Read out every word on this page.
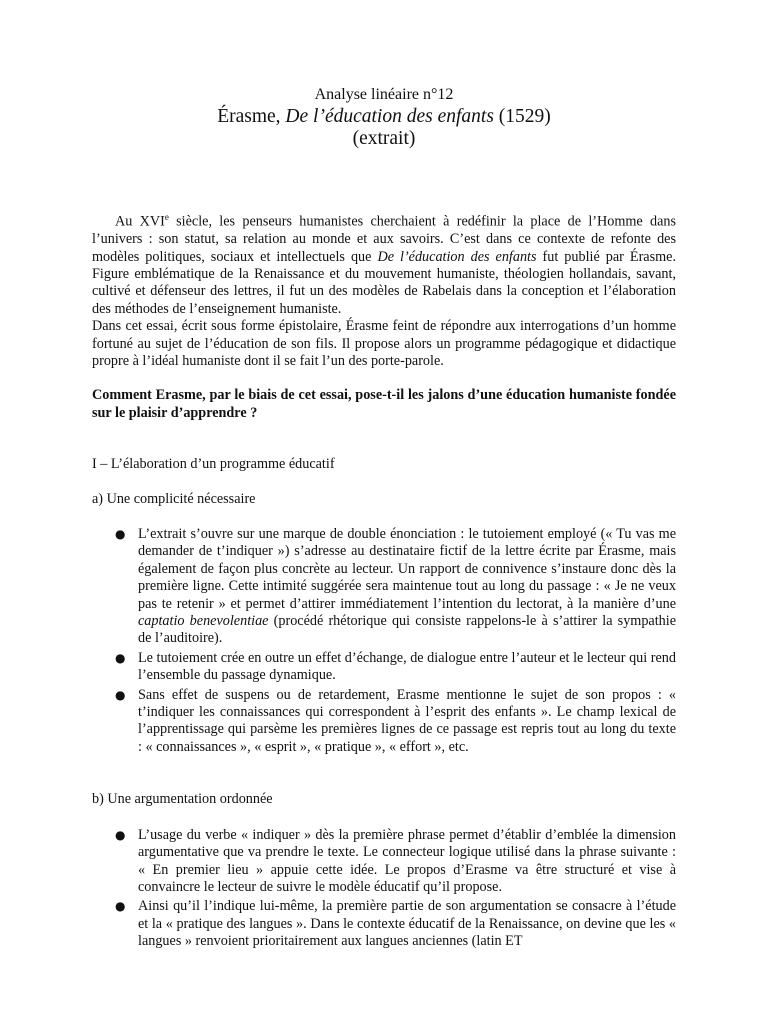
Analyse linéaire n°12

Érasme, De l’éducation des enfants (1529)

(extrait)

Au XVIe siècle, les penseurs humanistes cherchaient à redéfinir la place de l’Homme dans l’univers : son statut, sa relation au monde et aux savoirs. C’est dans ce contexte de refonte des modèles politiques, sociaux et intellectuels que De l’éducation des enfants fut publié par Érasme. Figure emblématique de la Renaissance et du mouvement humaniste, théologien hollandais, savant, cultivé et défenseur des lettres, il fut un des modèles de Rabelais dans la conception et l’élaboration des méthodes de l’enseignement humaniste.

Dans cet essai, écrit sous forme épistolaire, Érasme feint de répondre aux interrogations d’un homme fortuné au sujet de l’éducation de son fils. Il propose alors un programme pédagogique et didactique propre à l’idéal humaniste dont il se fait l’un des porte-parole.

Comment Erasme, par le biais de cet essai, pose-t-il les jalons d’une éducation humaniste fondée sur le plaisir d’apprendre ?

I – L’élaboration d’un programme éducatif

a) Une complicité nécessaire

● L’extrait s’ouvre sur une marque de double énonciation : le tutoiement employé (« Tu vas me demander de t’indiquer ») s’adresse au destinataire fictif de la lettre écrite par Érasme, mais également de façon plus concrète au lecteur. Un rapport de connivence s’instaure donc dès la première ligne. Cette intimité suggérée sera maintenue tout au long du passage : « Je ne veux pas te retenir » et permet d’attirer immédiatement l’intention du lectorat, à la manière d’une captatio benevolentiae (procédé rhétorique qui consiste rappelons-le à s’attirer la sympathie de l’auditoire).
● Le tutoiement crée en outre un effet d’échange, de dialogue entre l’auteur et le lecteur qui rend l’ensemble du passage dynamique.
● Sans effet de suspens ou de retardement, Erasme mentionne le sujet de son propos : « t’indiquer les connaissances qui correspondent à l’esprit des enfants ». Le champ lexical de l’apprentissage qui parsème les premières lignes de ce passage est repris tout au long du texte : « connaissances », « esprit », « pratique », « effort », etc.

b) Une argumentation ordonnée

● L’usage du verbe « indiquer » dès la première phrase permet d’établir d’emblée la dimension argumentative que va prendre le texte. Le connecteur logique utilisé dans la phrase suivante : « En premier lieu » appuie cette idée. Le propos d’Erasme va être structuré et vise à convaincre le lecteur de suivre le modèle éducatif qu’il propose.
● Ainsi qu’il l’indique lui-même, la première partie de son argumentation se consacre à l’étude et la « pratique des langues ». Dans le contexte éducatif de la Renaissance, on devine que les « langues » renvoient prioritairement aux langues anciennes (latin ET
